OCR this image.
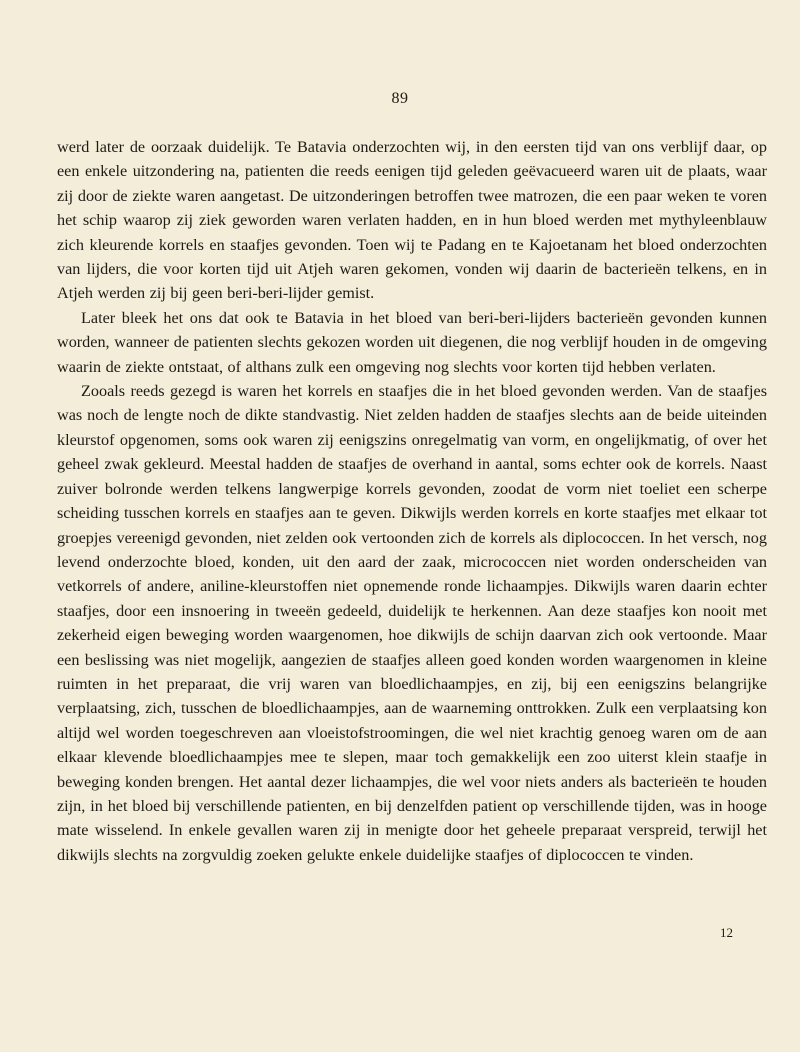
89

werd later de oorzaak duidelijk. Te Batavia onderzochten wij, in den eersten tijd van ons verblijf daar, op een enkele uitzondering na, patienten die reeds eenigen tijd geleden geëvacueerd waren uit de plaats, waar zij door de ziekte waren aangetast. De uitzonderingen betroffen twee matrozen, die een paar weken te voren het schip waarop zij ziek geworden waren verlaten hadden, en in hun bloed werden met mythyleenblauw zich kleurende korrels en staafjes gevonden. Toen wij te Padang en te Kajoetanam het bloed onderzochten van lijders, die voor korten tijd uit Atjeh waren gekomen, vonden wij daarin de bacterieën telkens, en in Atjeh werden zij bij geen beri-beri-lijder gemist.

Later bleek het ons dat ook te Batavia in het bloed van beri-beri-lijders bacterieën gevonden kunnen worden, wanneer de patienten slechts gekozen worden uit diegenen, die nog verblijf houden in de omgeving waarin de ziekte ontstaat, of althans zulk een omgeving nog slechts voor korten tijd hebben verlaten.

Zooals reeds gezegd is waren het korrels en staafjes die in het bloed gevonden werden. Van de staafjes was noch de lengte noch de dikte standvastig. Niet zelden hadden de staafjes slechts aan de beide uiteinden kleurstof opgenomen, soms ook waren zij eenigszins onregelmatig van vorm, en ongelijkmatig, of over het geheel zwak gekleurd. Meestal hadden de staafjes de overhand in aantal, soms echter ook de korrels. Naast zuiver bolronde werden telkens langwerpige korrels gevonden, zoodat de vorm niet toeliet een scherpe scheiding tusschen korrels en staafjes aan te geven. Dikwijls werden korrels en korte staafjes met elkaar tot groepjes vereenigd gevonden, niet zelden ook vertoonden zich de korrels als diplococcen. In het versch, nog levend onderzochte bloed, konden, uit den aard der zaak, micrococcen niet worden onderscheiden van vetkorrels of andere, aniline-kleurstoffen niet opnemende ronde lichaampjes. Dikwijls waren daarin echter staafjes, door een insnoering in tweeën gedeeld, duidelijk te herkennen. Aan deze staafjes kon nooit met zekerheid eigen beweging worden waargenomen, hoe dikwijls de schijn daarvan zich ook vertoonde. Maar een beslissing was niet mogelijk, aangezien de staafjes alleen goed konden worden waargenomen in kleine ruimten in het preparaat, die vrij waren van bloedlichaampjes, en zij, bij een eenigszins belangrijke verplaatsing, zich, tusschen de bloedlichaampjes, aan de waarneming onttrokken. Zulk een verplaatsing kon altijd wel worden toegeschreven aan vloeistofstroomingen, die wel niet krachtig genoeg waren om de aan elkaar klevende bloedlichaampjes mee te slepen, maar toch gemakkelijk een zoo uiterst klein staafje in beweging konden brengen. Het aantal dezer lichaampjes, die wel voor niets anders als bacterieën te houden zijn, in het bloed bij verschillende patienten, en bij denzelfden patient op verschillende tijden, was in hooge mate wisselend. In enkele gevallen waren zij in menigte door het geheele preparaat verspreid, terwijl het dikwijls slechts na zorgvuldig zoeken gelukte enkele duidelijke staafjes of diplococcen te vinden.

12
